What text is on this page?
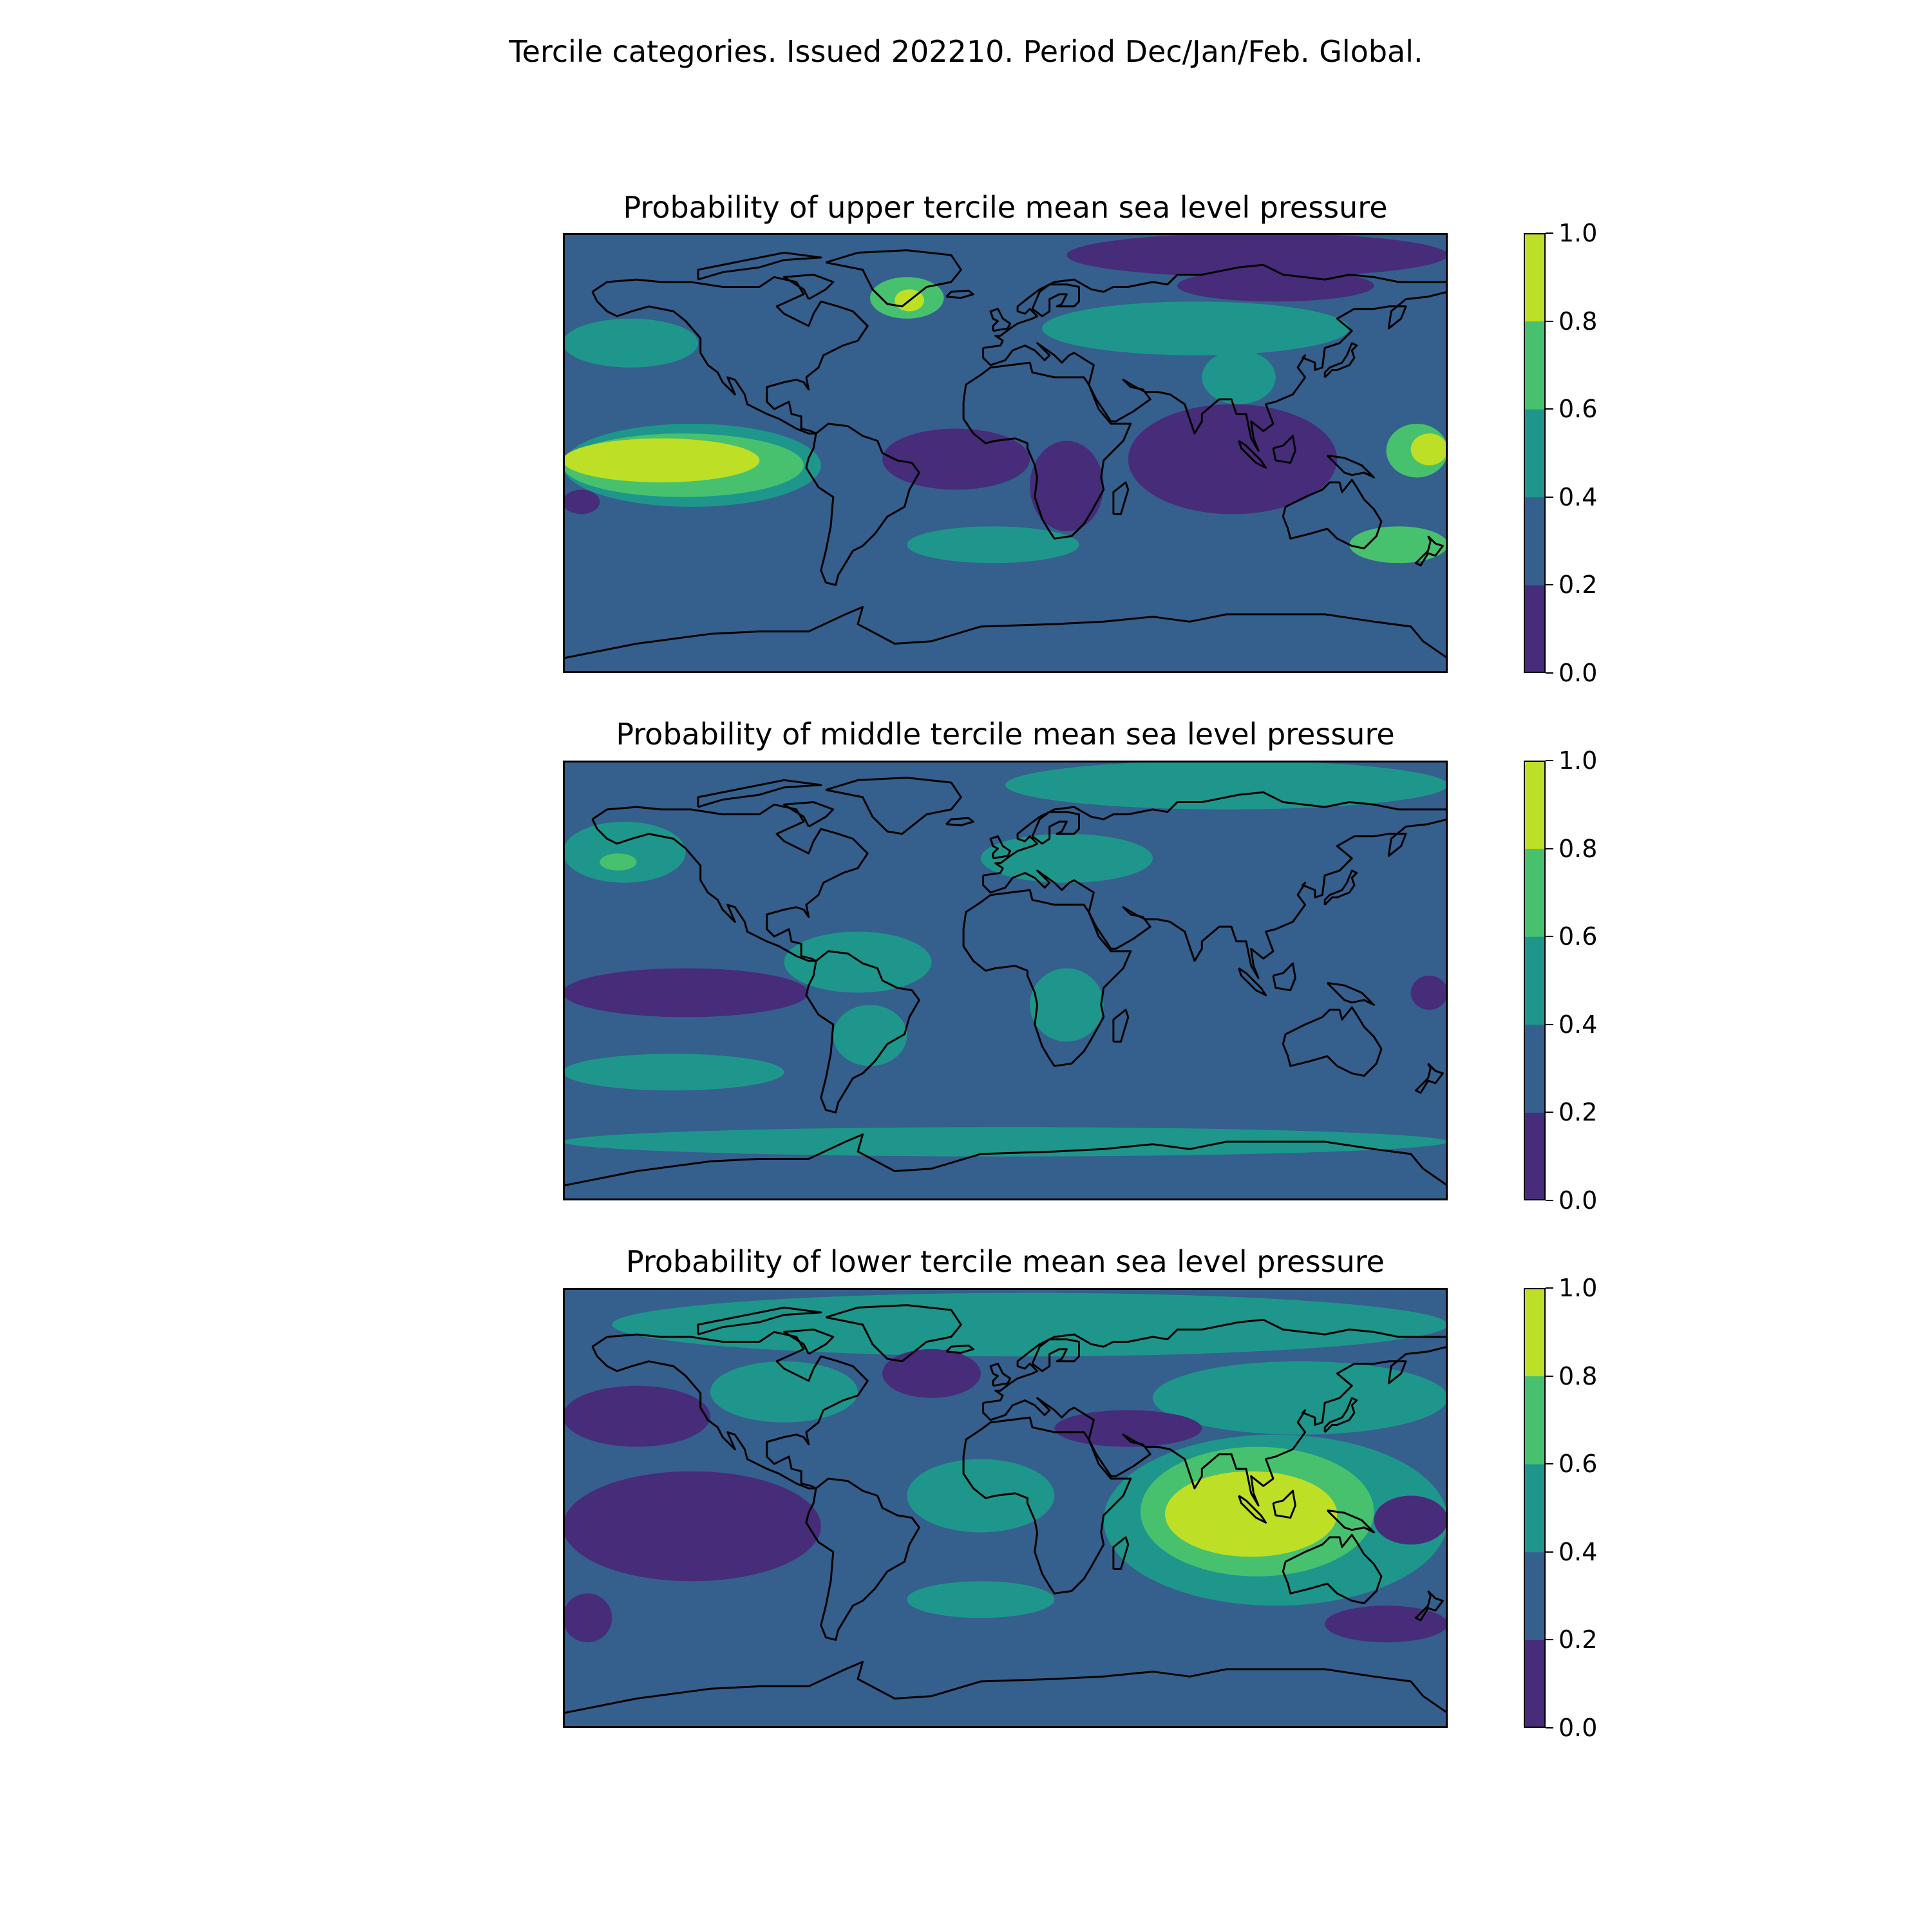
Tercile categories. Issued 202210. Period Dec/Jan/Feb. Global.
Probability of upper tercile mean sea level pressure
0.0
0.2
0.4
0.6
0.8
1.0
Probability of middle tercile mean sea level pressure
0.0
0.2
0.4
0.6
0.8
1.0
Probability of lower tercile mean sea level pressure
0.0
0.2
0.4
0.6
0.8
1.0
